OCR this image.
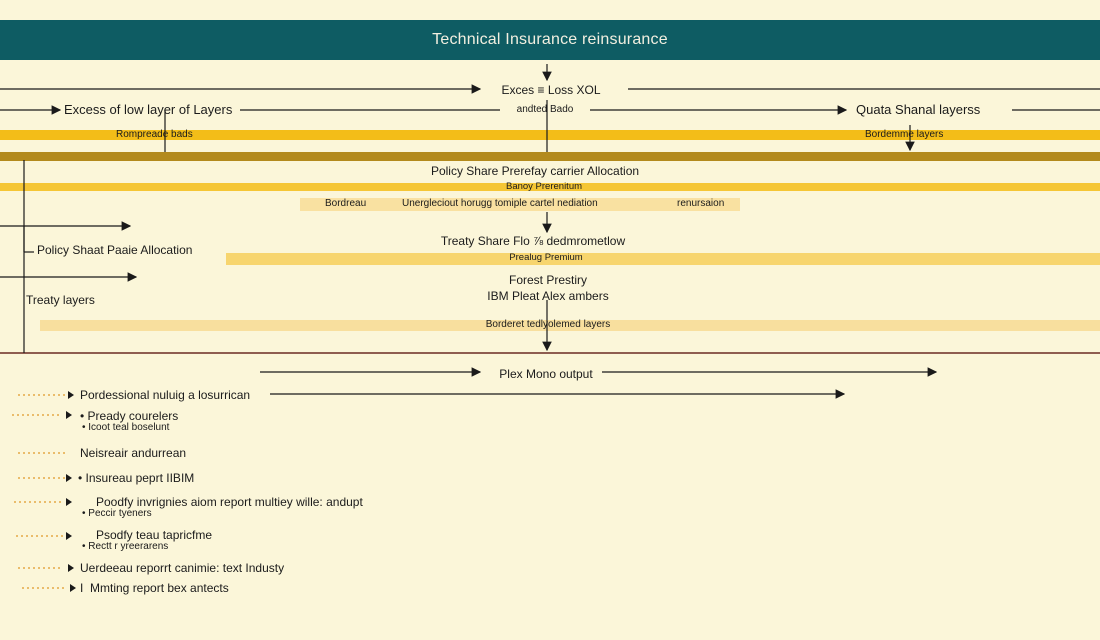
Technical Insurance reinsurance
Exces ≡ Loss XOL
andted Bado
Excess of low layer of Layers	Quata Shanal layerss
Rompreade bads	Bordemme layers
Policy Share Prerefay carrier Allocation
Banoy Prerenitum
Bordreau	Unergleciout horugg tomiple cartel nediation	renursaion
Policy Shaat Paaie Allocation
Treaty Share Flo ⅞ dedmrometlow
Prealug Premium
Treaty layers
Forest Prestiry
IBM Pleat Alex ambers
Borderet tedlyolemed layers
Plex Mono output
Pordessional nuluig a losurrican
• Pready courelers
• Icoot teal boselunt
Neisreair andurrean
• Insureau peprt IIBIM
Poodfy invrignies aiom report multiey wille: andupt
• Peccir tyeners
Psodfy teau tapricfme
• Rectt r yreerarens
Uerdeeau reporrt canimie: text Industy
I  Mmting report bex antects
